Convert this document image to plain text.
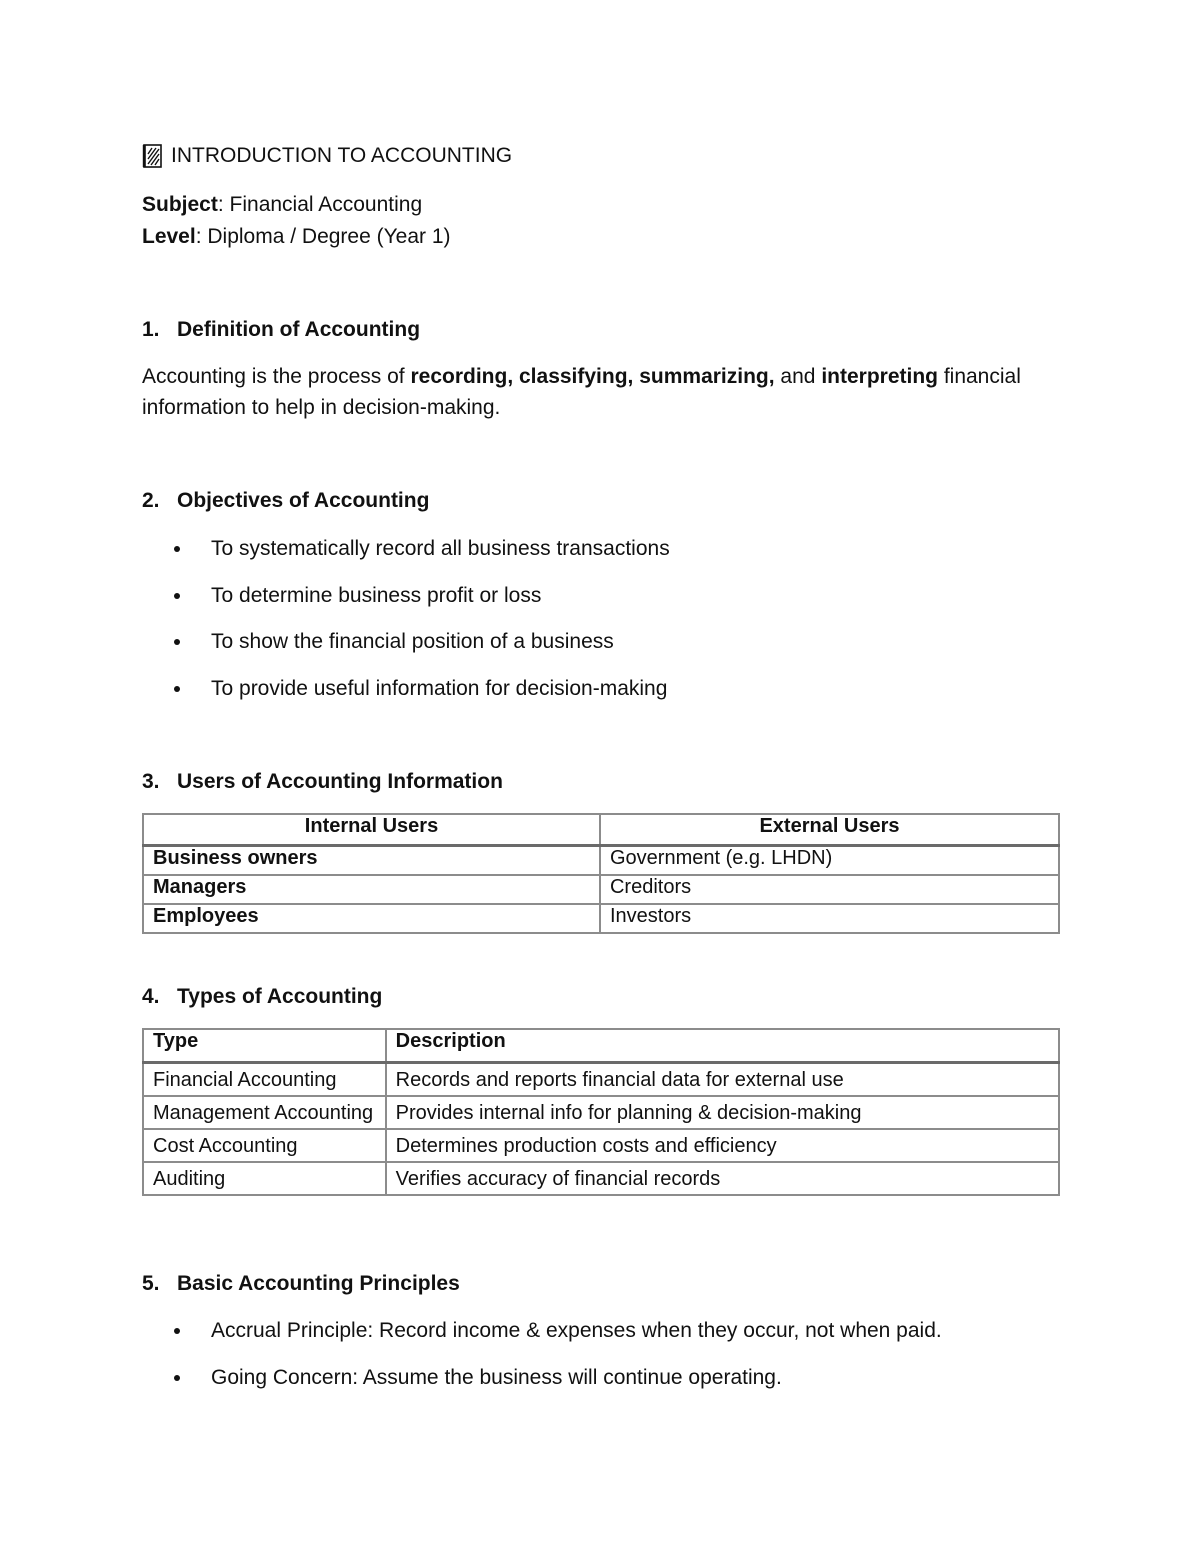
INTRODUCTION TO ACCOUNTING
Subject: Financial Accounting
Level: Diploma / Degree (Year 1)
1. Definition of Accounting
Accounting is the process of recording, classifying, summarizing, and interpreting financial information to help in decision-making.
2. Objectives of Accounting
To systematically record all business transactions
To determine business profit or loss
To show the financial position of a business
To provide useful information for decision-making
3. Users of Accounting Information
Internal Users	External Users
Business owners	Government (e.g. LHDN)
Managers	Creditors
Employees	Investors
4. Types of Accounting
Type	Description
Financial Accounting	Records and reports financial data for external use
Management Accounting	Provides internal info for planning & decision-making
Cost Accounting	Determines production costs and efficiency
Auditing	Verifies accuracy of financial records
5. Basic Accounting Principles
Accrual Principle: Record income & expenses when they occur, not when paid.
Going Concern: Assume the business will continue operating.
